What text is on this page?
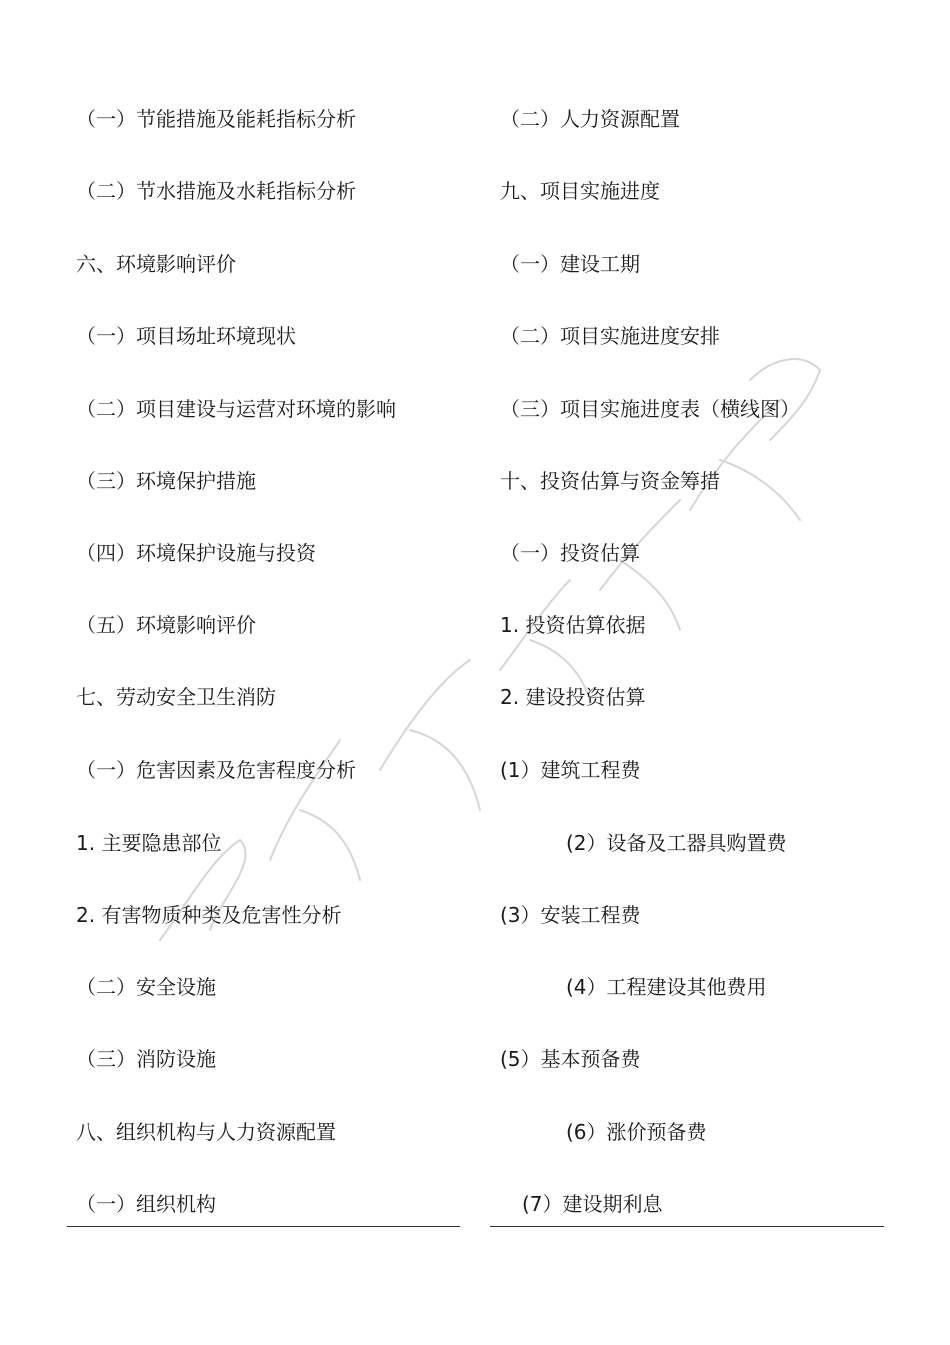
（一）节能措施及能耗指标分析
（二）节水措施及水耗指标分析
六、环境影响评价
（一）项目场址环境现状
（二）项目建设与运营对环境的影响
（三）环境保护措施
（四）环境保护设施与投资
（五）环境影响评价
七、劳动安全卫生消防
（一）危害因素及危害程度分析
1. 主要隐患部位
2. 有害物质种类及危害性分析
（二）安全设施
（三）消防设施
八、组织机构与人力资源配置
（一）组织机构
（二）人力资源配置
九、项目实施进度
（一）建设工期
（二）项目实施进度安排
（三）项目实施进度表（横线图）
十、投资估算与资金筹措
（一）投资估算
1. 投资估算依据
2. 建设投资估算
(1）建筑工程费
(2）设备及工器具购置费
(3）安装工程费
(4）工程建设其他费用
(5）基本预备费
(6）涨价预备费
(7）建设期利息
